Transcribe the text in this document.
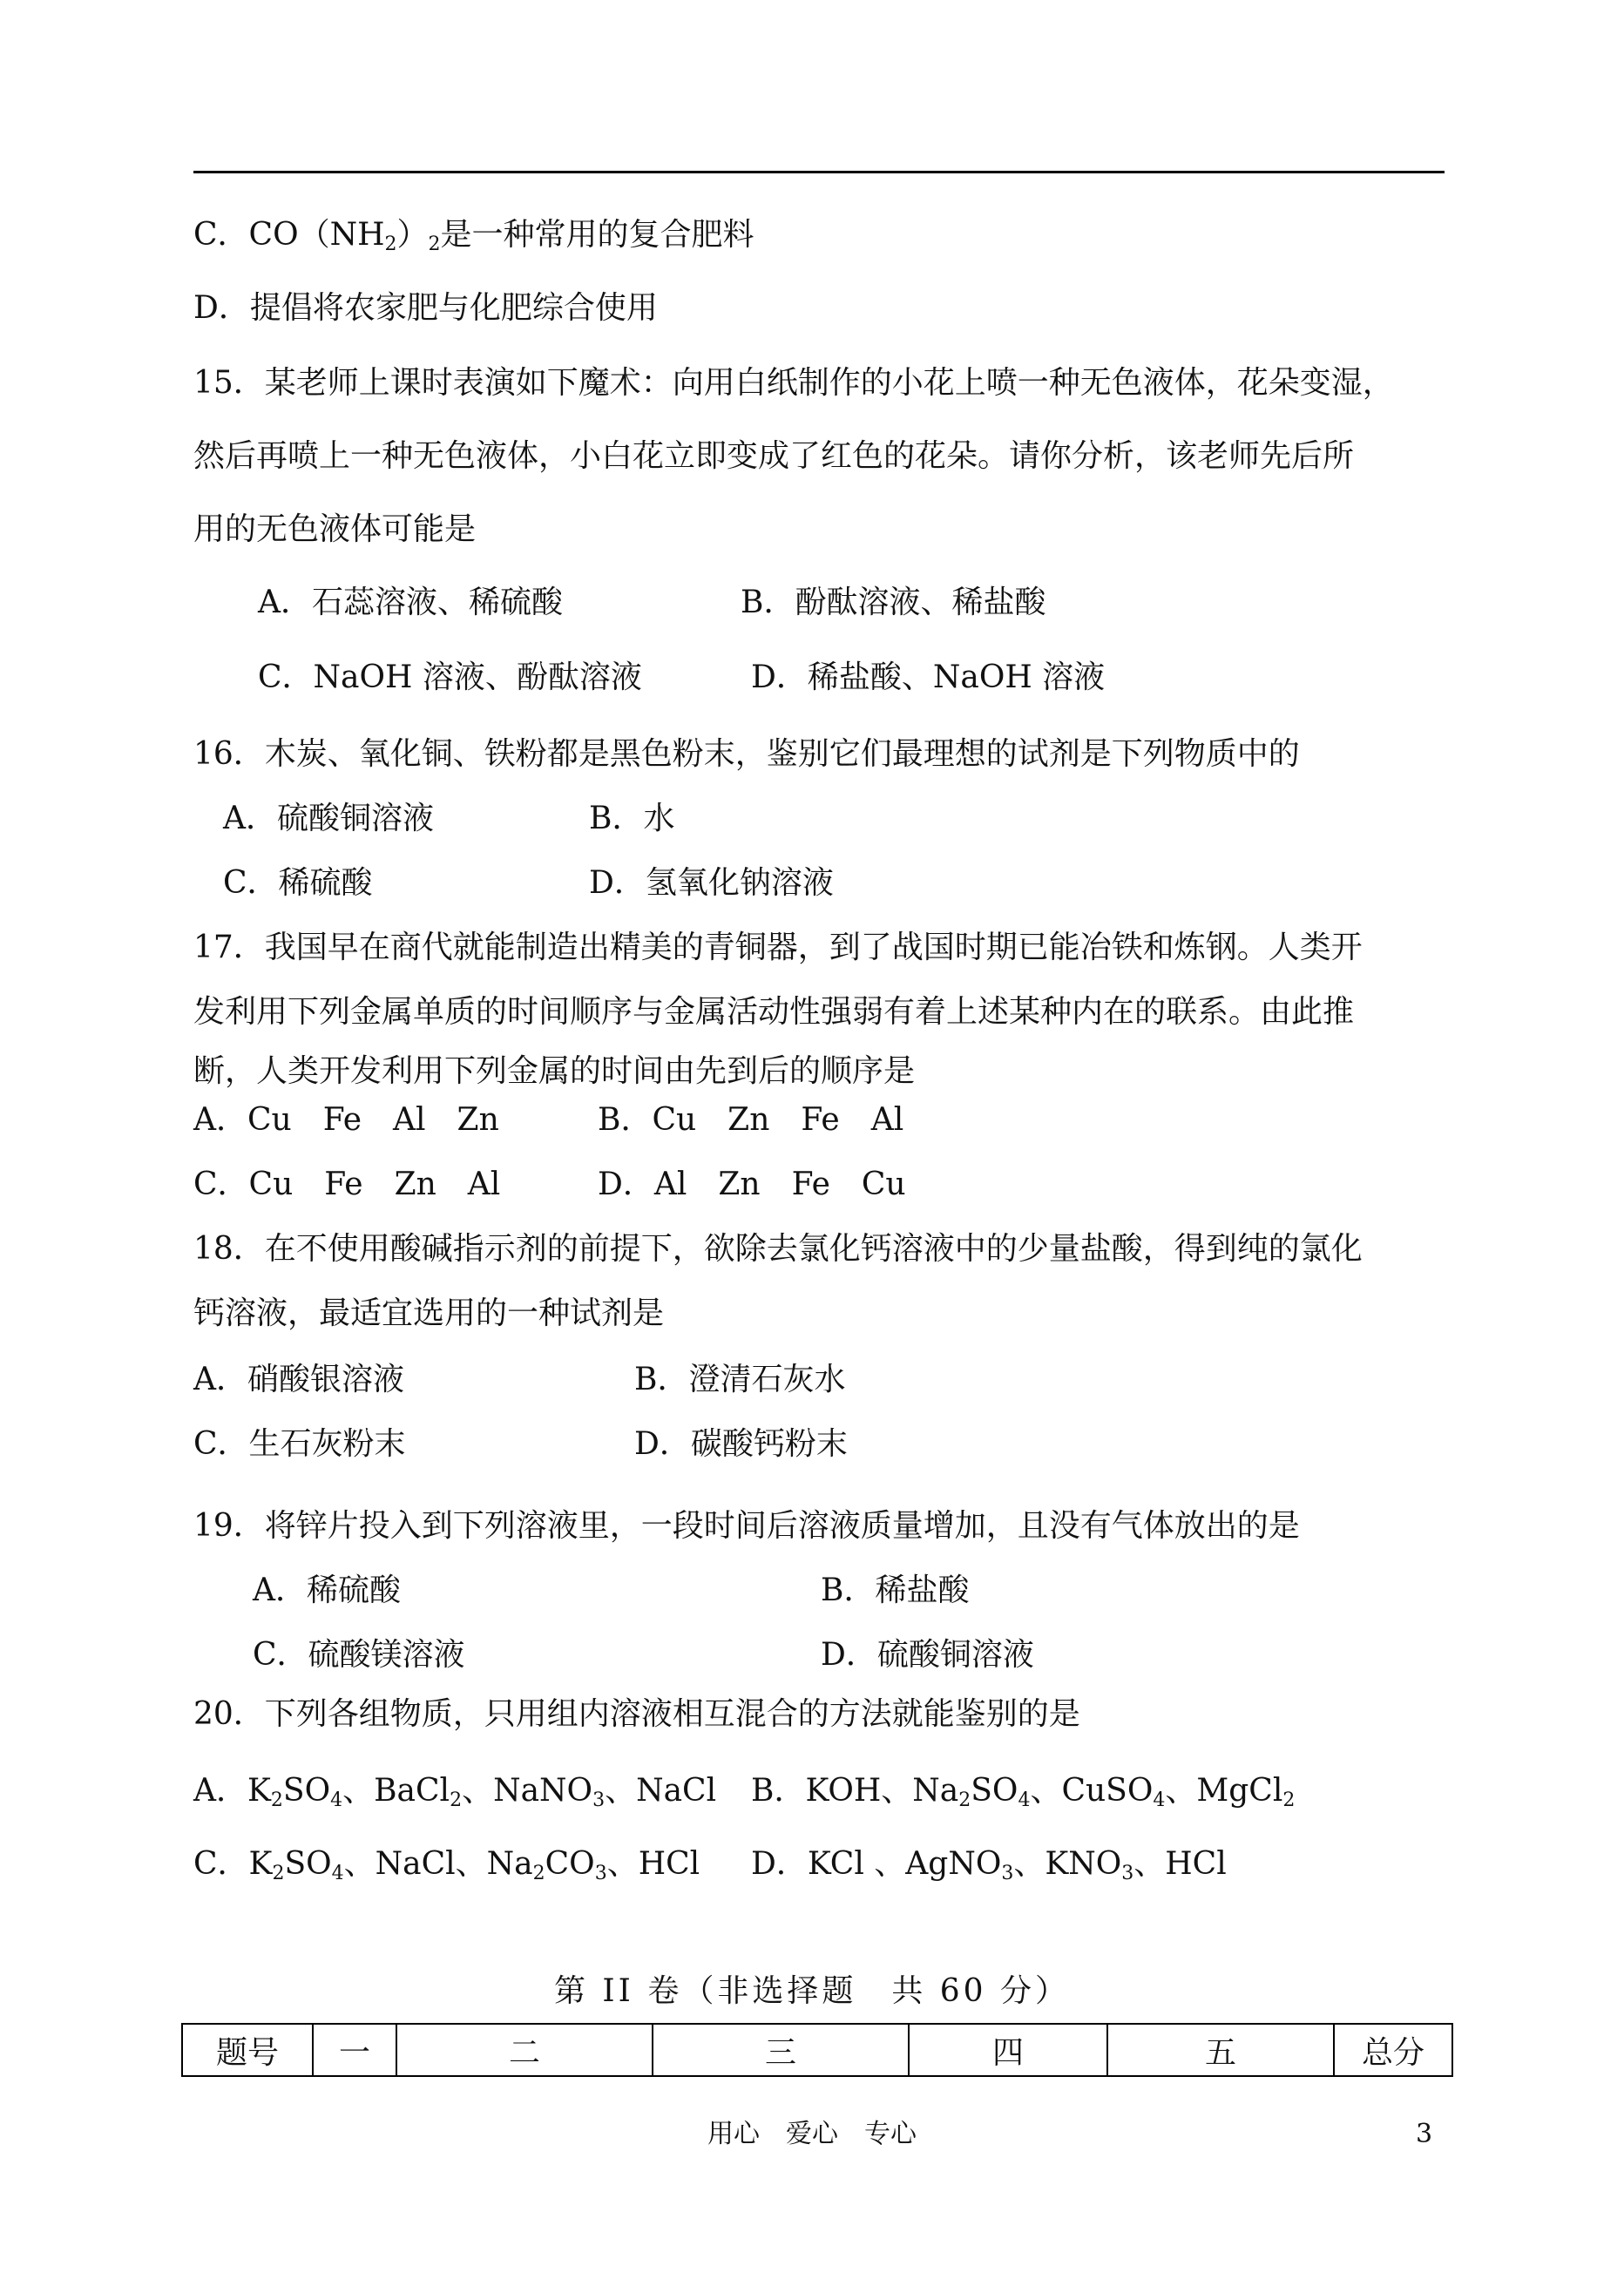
C．$CO(NH_2)_2$是一种常用的复合肥料
D．提倡将农家肥与化肥综合使用
15．某老师上课时表演如下魔术：向用白纸制作的小花上喷一种无色液体，花朵变湿，
然后再喷上一种无色液体，小白花立即变成了红色的花朵。请你分析，该老师先后所
用的无色液体可能是
A．石蕊溶液、稀硫酸	B．酚酞溶液、稀盐酸
C．NaOH 溶液、酚酞溶液	D．稀盐酸、NaOH 溶液
16．木炭、氧化铜、铁粉都是黑色粉末，鉴别它们最理想的试剂是下列物质中的
A．硫酸铜溶液	B．水
C．稀硫酸	D．氢氧化钠溶液
17．我国早在商代就能制造出精美的青铜器，到了战国时期已能冶铁和炼钢。人类开
发利用下列金属单质的时间顺序与金属活动性强弱有着上述某种内在的联系。由此推
断，人类开发利用下列金属的时间由先到后的顺序是
A．Cu　Fe　Al　Zn	B．Cu　Zn　Fe　Al
C．Cu　Fe　Zn　Al	D．Al　Zn　Fe　Cu
18．在不使用酸碱指示剂的前提下，欲除去氯化钙溶液中的少量盐酸，得到纯的氯化
钙溶液，最适宜选用的一种试剂是
A．硝酸银溶液	B．澄清石灰水
C．生石灰粉末	D．碳酸钙粉末
19．将锌片投入到下列溶液里，一段时间后溶液质量增加，且没有气体放出的是
A．稀硫酸	B．稀盐酸
C．硫酸镁溶液	D．硫酸铜溶液
20．下列各组物质，只用组内溶液相互混合的方法就能鉴别的是
A．$K_2SO_4$、BaCl$_2$、NaNO$_3$、NaCl B．KOH、$Na_2SO_4$、CuSO$_4$、MgCl$_2$
C．$K_2SO_4$、NaCl、$Na_2CO_3$、HCl D．KCl 、AgNO$_3$、$KNO_3$、HCl
第 II 卷（非选择题　共 60 分）
题号	一	二	三	四	五	总分
用心　爱心　专心	3
